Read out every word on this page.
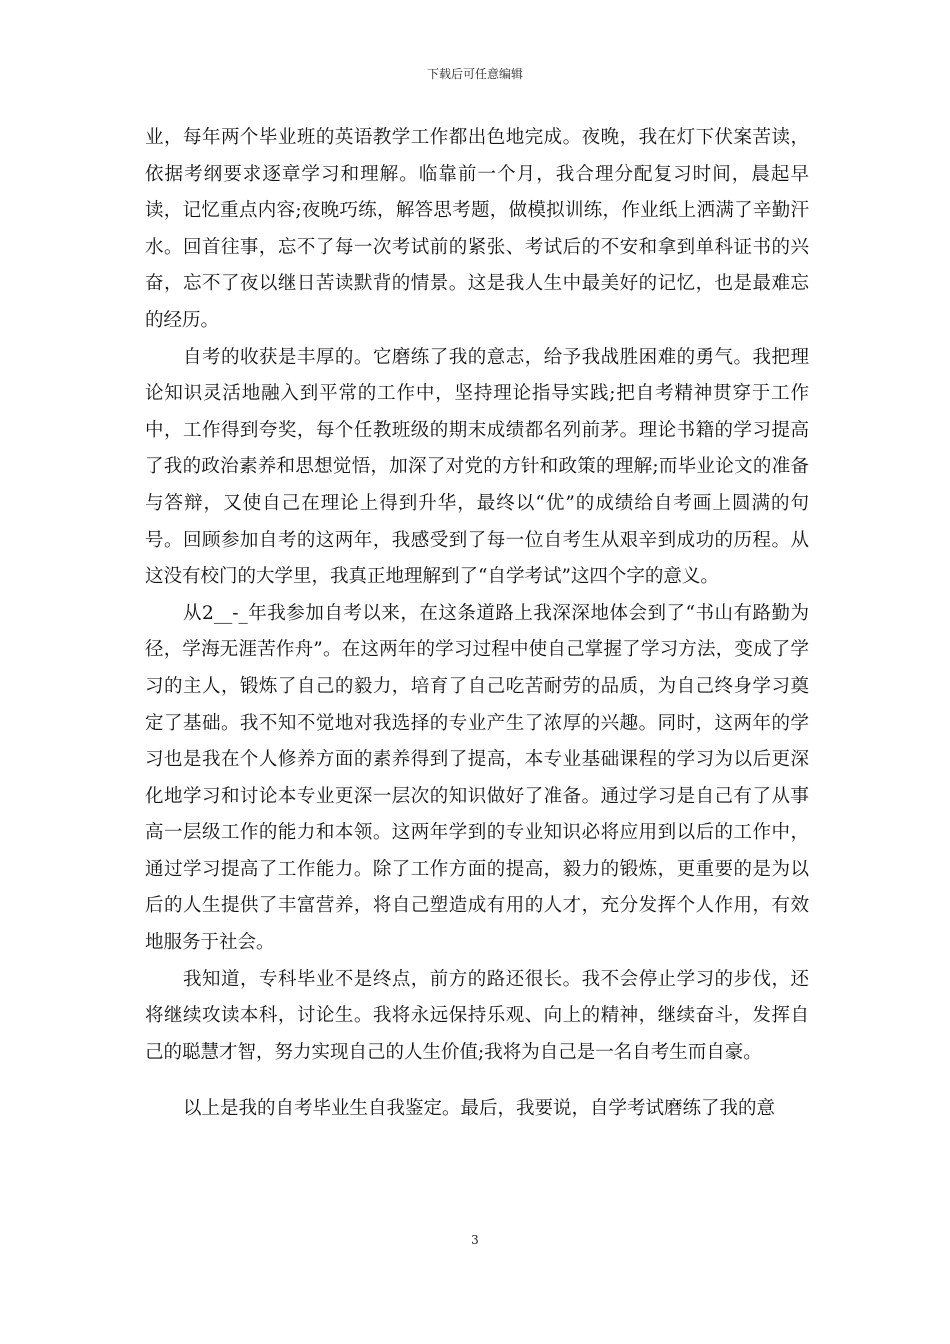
下载后可任意编辑

业，每年两个毕业班的英语教学工作都出色地完成。夜晚，我在灯下伏案苦读，依据考纲要求逐章学习和理解。临靠前一个月，我合理分配复习时间，晨起早读，记忆重点内容;夜晚巧练，解答思考题，做模拟训练，作业纸上洒满了辛勤汗水。回首往事，忘不了每一次考试前的紧张、考试后的不安和拿到单科证书的兴奋，忘不了夜以继日苦读默背的情景。这是我人生中最美好的记忆，也是最难忘的经历。

自考的收获是丰厚的。它磨练了我的意志，给予我战胜困难的勇气。我把理论知识灵活地融入到平常的工作中，坚持理论指导实践;把自考精神贯穿于工作中，工作得到夸奖，每个任教班级的期末成绩都名列前茅。理论书籍的学习提高了我的政治素养和思想觉悟，加深了对党的方针和政策的理解;而毕业论文的准备与答辩，又使自己在理论上得到升华，最终以“优”的成绩给自考画上圆满的句号。回顾参加自考的这两年，我感受到了每一位自考生从艰辛到成功的历程。从这没有校门的大学里，我真正地理解到了“自学考试”这四个字的意义。

从2__-_年我参加自考以来，在这条道路上我深深地体会到了“书山有路勤为径，学海无涯苦作舟”。在这两年的学习过程中使自己掌握了学习方法，变成了学习的主人，锻炼了自己的毅力，培育了自己吃苦耐劳的品质，为自己终身学习奠定了基础。我不知不觉地对我选择的专业产生了浓厚的兴趣。同时，这两年的学习也是我在个人修养方面的素养得到了提高，本专业基础课程的学习为以后更深化地学习和讨论本专业更深一层次的知识做好了准备。通过学习是自己有了从事高一层级工作的能力和本领。这两年学到的专业知识必将应用到以后的工作中，通过学习提高了工作能力。除了工作方面的提高，毅力的锻炼，更重要的是为以后的人生提供了丰富营养，将自己塑造成有用的人才，充分发挥个人作用，有效地服务于社会。

我知道，专科毕业不是终点，前方的路还很长。我不会停止学习的步伐，还将继续攻读本科，讨论生。我将永远保持乐观、向上的精神，继续奋斗，发挥自己的聪慧才智，努力实现自己的人生价值;我将为自己是一名自考生而自豪。

以上是我的自考毕业生自我鉴定。最后，我要说，自学考试磨练了我的意

3
